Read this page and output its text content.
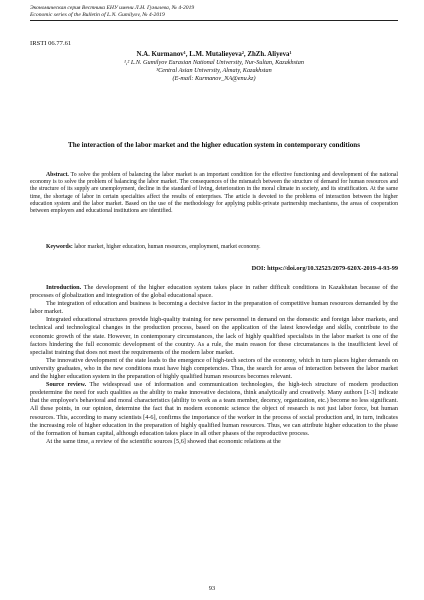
Экономическая серия Вестника ЕНУ имени Л.Н. Гумилева, № 4-2019
Economic series of the Bulletin of L.N. Gumilyov, № 4-2019
IRSTI 06.77.61
N.A. Kurmanov¹, L.M. Mutalieyeva², ZhZh. Aliyeva¹
¹,² L.N. Gumilyov Eurasian National University, Nur-Sultan, Kazakhstan
³Central Asian University, Almaty, Kazakhstan
(E-mail: Kurmanov_NA@enu.kz)
The interaction of the labor market and the higher education system in contemporary conditions
Abstract. To solve the problem of balancing the labor market is an important condition for the effective functioning and development of the national economy is to solve the problem of balancing the labor market. The consequences of the mismatch between the structure of demand for human resources and the structure of its supply are unemployment, decline in the standard of living, deterioration in the moral climate in society, and its stratification. At the same time, the shortage of labor in certain specialties affect the results of enterprises. The article is devoted to the problems of interaction between the higher education system and the labor market. Based on the use of the methodology for applying public-private partnership mechanisms, the areas of cooperation between employers and educational institutions are identified.
Keywords: labor market, higher education, human resources, employment, market economy.
DOI: https://doi.org/10.32523/2079-620X-2019-4-93-99

Introduction. The development of the higher education system takes place in rather difficult conditions in Kazakhstan because of the processes of globalization and integration of the global educational space.

The integration of education and business is becoming a decisive factor in the preparation of competitive human resources demanded by the labor market.

Integrated educational structures provide high-quality training for new personnel in demand on the domestic and foreign labor markets, and technical and technological changes in the production process, based on the application of the latest knowledge and skills, contribute to the economic growth of the state. However, in contemporary circumstances, the lack of highly qualified specialists in the labor market is one of the factors hindering the full economic development of the country. As a rule, the main reason for these circumstances is the insufficient level of specialist training that does not meet the requirements of the modern labor market.

The innovative development of the state leads to the emergence of high-tech sectors of the economy, which in turn places higher demands on university graduates, who in the new conditions must have high competencies. Thus, the search for areas of interaction between the labor market and the higher education system in the preparation of highly qualified human resources becomes relevant.

Source review. The widespread use of information and communication technologies, the high-tech structure of modern production predetermine the need for such qualities as the ability to make innovative decisions, think analytically and creatively. Many authors [1-3] indicate that the employee's behavioral and moral characteristics (ability to work as a team member, decency, organization, etc.) become no less significant. All these points, in our opinion, determine the fact that in modern economic science the object of research is not just labor force, but human resources. This, according to many scientists [4-6], confirms the importance of the worker in the process of social production and, in turn, indicates the increasing role of higher education in the preparation of highly qualified human resources. Thus, we can attribute higher education to the phase of the formation of human capital, although education takes place in all other phases of the reproductive process.

At the same time, a review of the scientific sources [5,6] showed that economic relations at the

93
